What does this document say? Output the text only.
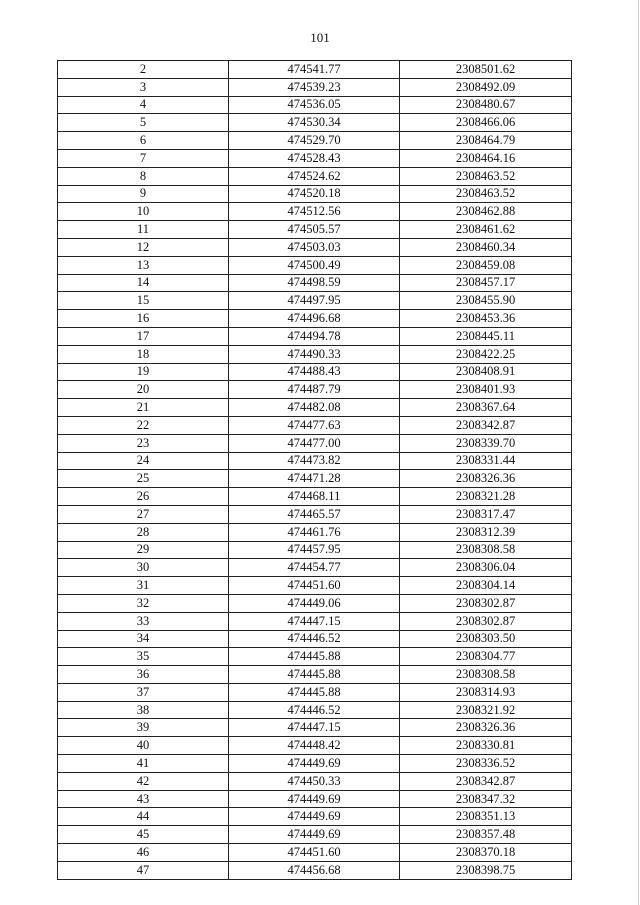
101
2	474541.77	2308501.62
3	474539.23	2308492.09
4	474536.05	2308480.67
5	474530.34	2308466.06
6	474529.70	2308464.79
7	474528.43	2308464.16
8	474524.62	2308463.52
9	474520.18	2308463.52
10	474512.56	2308462.88
11	474505.57	2308461.62
12	474503.03	2308460.34
13	474500.49	2308459.08
14	474498.59	2308457.17
15	474497.95	2308455.90
16	474496.68	2308453.36
17	474494.78	2308445.11
18	474490.33	2308422.25
19	474488.43	2308408.91
20	474487.79	2308401.93
21	474482.08	2308367.64
22	474477.63	2308342.87
23	474477.00	2308339.70
24	474473.82	2308331.44
25	474471.28	2308326.36
26	474468.11	2308321.28
27	474465.57	2308317.47
28	474461.76	2308312.39
29	474457.95	2308308.58
30	474454.77	2308306.04
31	474451.60	2308304.14
32	474449.06	2308302.87
33	474447.15	2308302.87
34	474446.52	2308303.50
35	474445.88	2308304.77
36	474445.88	2308308.58
37	474445.88	2308314.93
38	474446.52	2308321.92
39	474447.15	2308326.36
40	474448.42	2308330.81
41	474449.69	2308336.52
42	474450.33	2308342.87
43	474449.69	2308347.32
44	474449.69	2308351.13
45	474449.69	2308357.48
46	474451.60	2308370.18
47	474456.68	2308398.75
